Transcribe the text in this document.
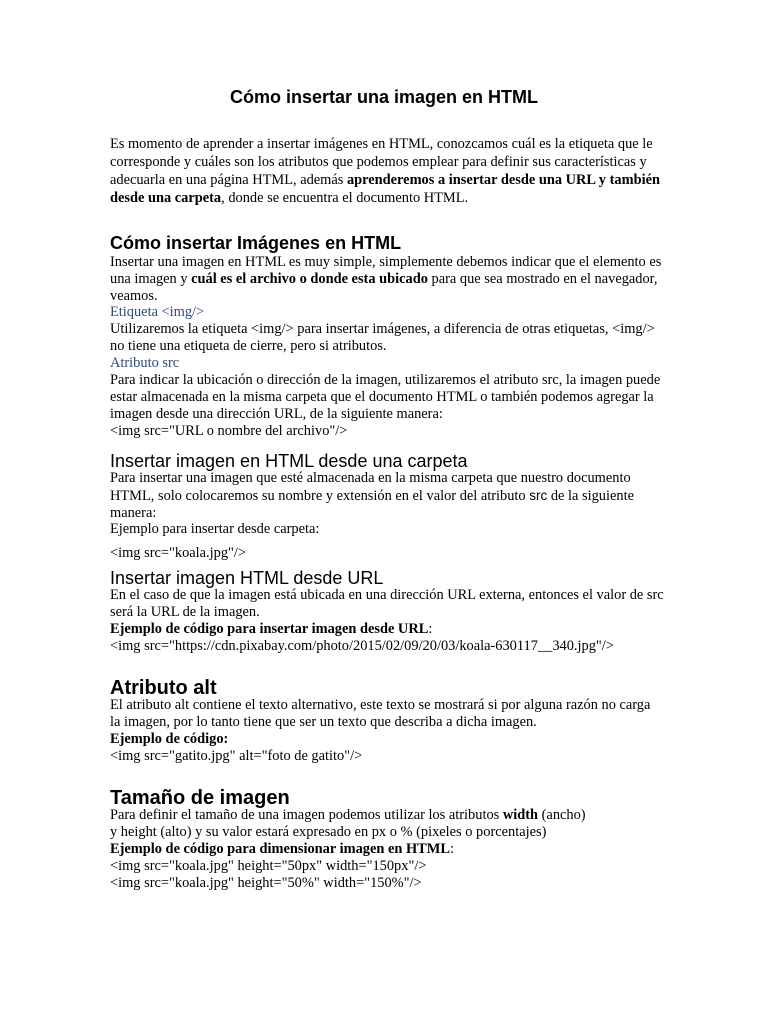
Cómo insertar una imagen en HTML

Es momento de aprender a insertar imágenes en HTML, conozcamos cuál es la etiqueta que le corresponde y cuáles son los atributos que podemos emplear para definir sus características y adecuarla en una página HTML, además aprenderemos a insertar desde una URL y también desde una carpeta, donde se encuentra el documento HTML.

Cómo insertar Imágenes en HTML

Insertar una imagen en HTML es muy simple, simplemente debemos indicar que el elemento es una imagen y cuál es el archivo o donde esta ubicado para que sea mostrado en el navegador, veamos.

Etiqueta <img/>

Utilizaremos la etiqueta <img/> para insertar imágenes, a diferencia de otras etiquetas, <img/> no tiene una etiqueta de cierre, pero si atributos.

Atributo src

Para indicar la ubicación o dirección de la imagen, utilizaremos el atributo src, la imagen puede estar almacenada en la misma carpeta que el documento HTML o también podemos agregar la imagen desde una dirección URL, de la siguiente manera:

<img src="URL o nombre del archivo"/>

Insertar imagen en HTML desde una carpeta

Para insertar una imagen que esté almacenada en la misma carpeta que nuestro documento HTML, solo colocaremos su nombre y extensión en el valor del atributo src de la siguiente manera:

Ejemplo para insertar desde carpeta:

<img src="koala.jpg"/>

Insertar imagen HTML desde URL

En el caso de que la imagen está ubicada en una dirección URL externa, entonces el valor de src será la URL de la imagen.

Ejemplo de código para insertar imagen desde URL:

<img src="https://cdn.pixabay.com/photo/2015/02/09/20/03/koala-630117__340.jpg"/>

Atributo alt

El atributo alt contiene el texto alternativo, este texto se mostrará si por alguna razón no carga la imagen, por lo tanto tiene que ser un texto que describa a dicha imagen.

Ejemplo de código:

<img src="gatito.jpg" alt="foto de gatito"/>

Tamaño de imagen

Para definir el tamaño de una imagen podemos utilizar los atributos width (ancho)

y height (alto) y su valor estará expresado en px o % (pixeles o porcentajes)

Ejemplo de código para dimensionar imagen en HTML:

<img src="koala.jpg" height="50px" width="150px"/>

<img src="koala.jpg" height="50%" width="150%"/>
